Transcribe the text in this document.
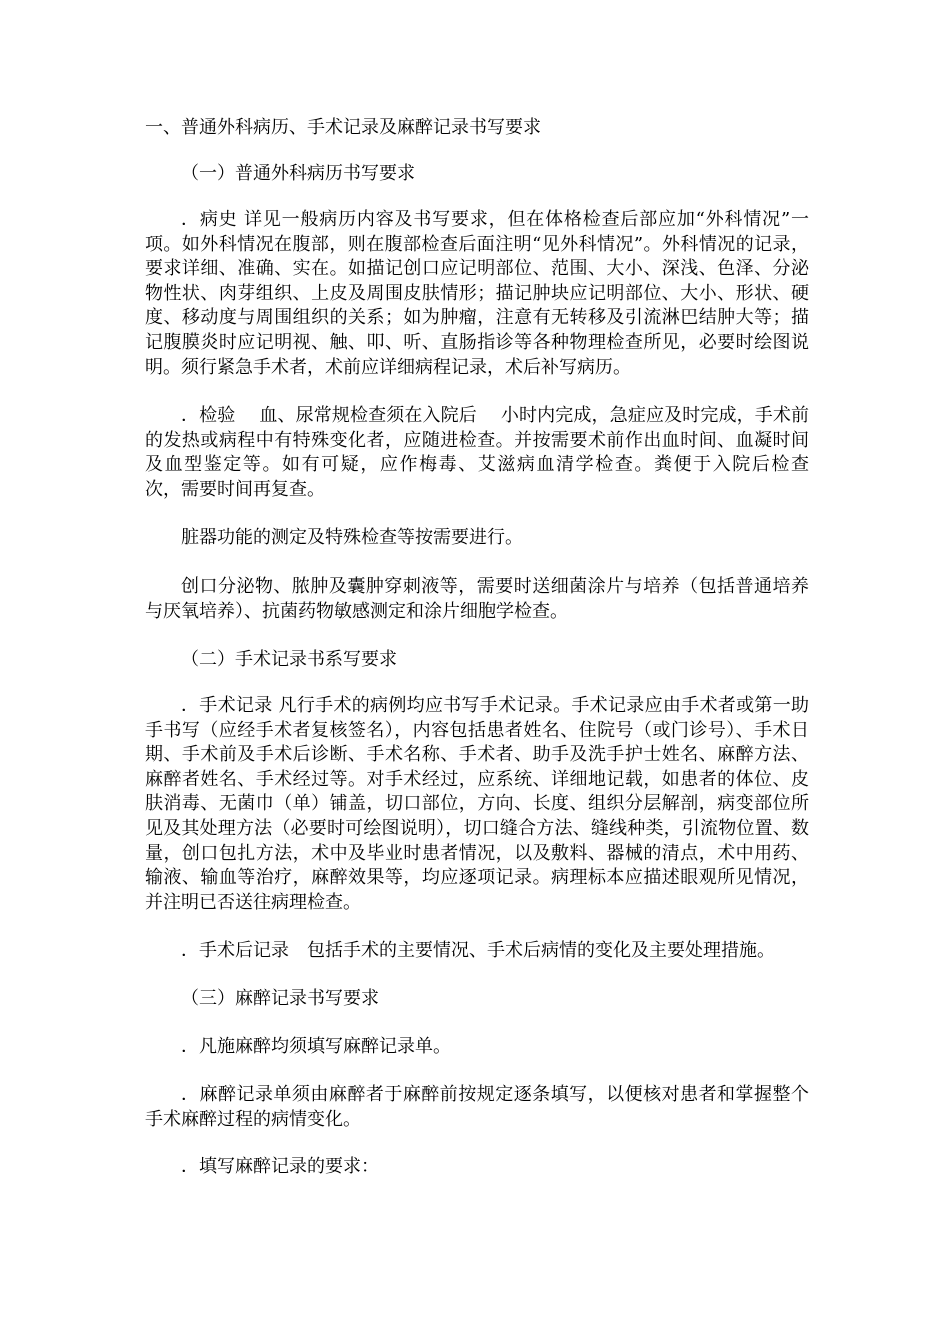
一、普通外科病历、手术记录及麻醉记录书写要求
（一）普通外科病历书写要求
．病史 详见一般病历内容及书写要求，但在体格检查后部应加“外科情况”一项。如外科情况在腹部，则在腹部检查后面注明“见外科情况”。外科情况的记录，要求详细、准确、实在。如描记创口应记明部位、范围、大小、深浅、色泽、分泌物性状、肉芽组织、上皮及周围皮肤情形；描记肿块应记明部位、大小、形状、硬度、移动度与周围组织的关系；如为肿瘤，注意有无转移及引流淋巴结肿大等；描记腹膜炎时应记明视、触、叩、听、直肠指诊等各种物理检查所见，必要时绘图说明。须行紧急手术者，术前应详细病程记录，术后补写病历。
．检验　 血、尿常规检查须在入院后　 小时内完成，急症应及时完成，手术前的发热或病程中有特殊变化者，应随进检查。并按需要术前作出血时间、血凝时间及血型鉴定等。如有可疑，应作梅毒、艾滋病血清学检查。粪便于入院后检查　次，需要时间再复查。
脏器功能的测定及特殊检查等按需要进行。
创口分泌物、脓肿及囊肿穿刺液等，需要时送细菌涂片与培养（包括普通培养与厌氧培养）、抗菌药物敏感测定和涂片细胞学检查。
（二）手术记录书系写要求
．手术记录 凡行手术的病例均应书写手术记录。手术记录应由手术者或第一助手书写（应经手术者复核签名），内容包括患者姓名、住院号（或门诊号）、手术日期、手术前及手术后诊断、手术名称、手术者、助手及洗手护士姓名、麻醉方法、麻醉者姓名、手术经过等。对手术经过，应系统、详细地记载，如患者的体位、皮肤消毒、无菌巾（单）铺盖，切口部位，方向、长度、组织分层解剖，病变部位所见及其处理方法（必要时可绘图说明），切口缝合方法、缝线种类，引流物位置、数量，创口包扎方法，术中及毕业时患者情况，以及敷料、器械的清点，术中用药、输液、输血等治疗，麻醉效果等，均应逐项记录。病理标本应描述眼观所见情况，并注明已否送往病理检查。
．手术后记录　包括手术的主要情况、手术后病情的变化及主要处理措施。
（三）麻醉记录书写要求
．凡施麻醉均须填写麻醉记录单。
．麻醉记录单须由麻醉者于麻醉前按规定逐条填写，以便核对患者和掌握整个手术麻醉过程的病情变化。
．填写麻醉记录的要求：
